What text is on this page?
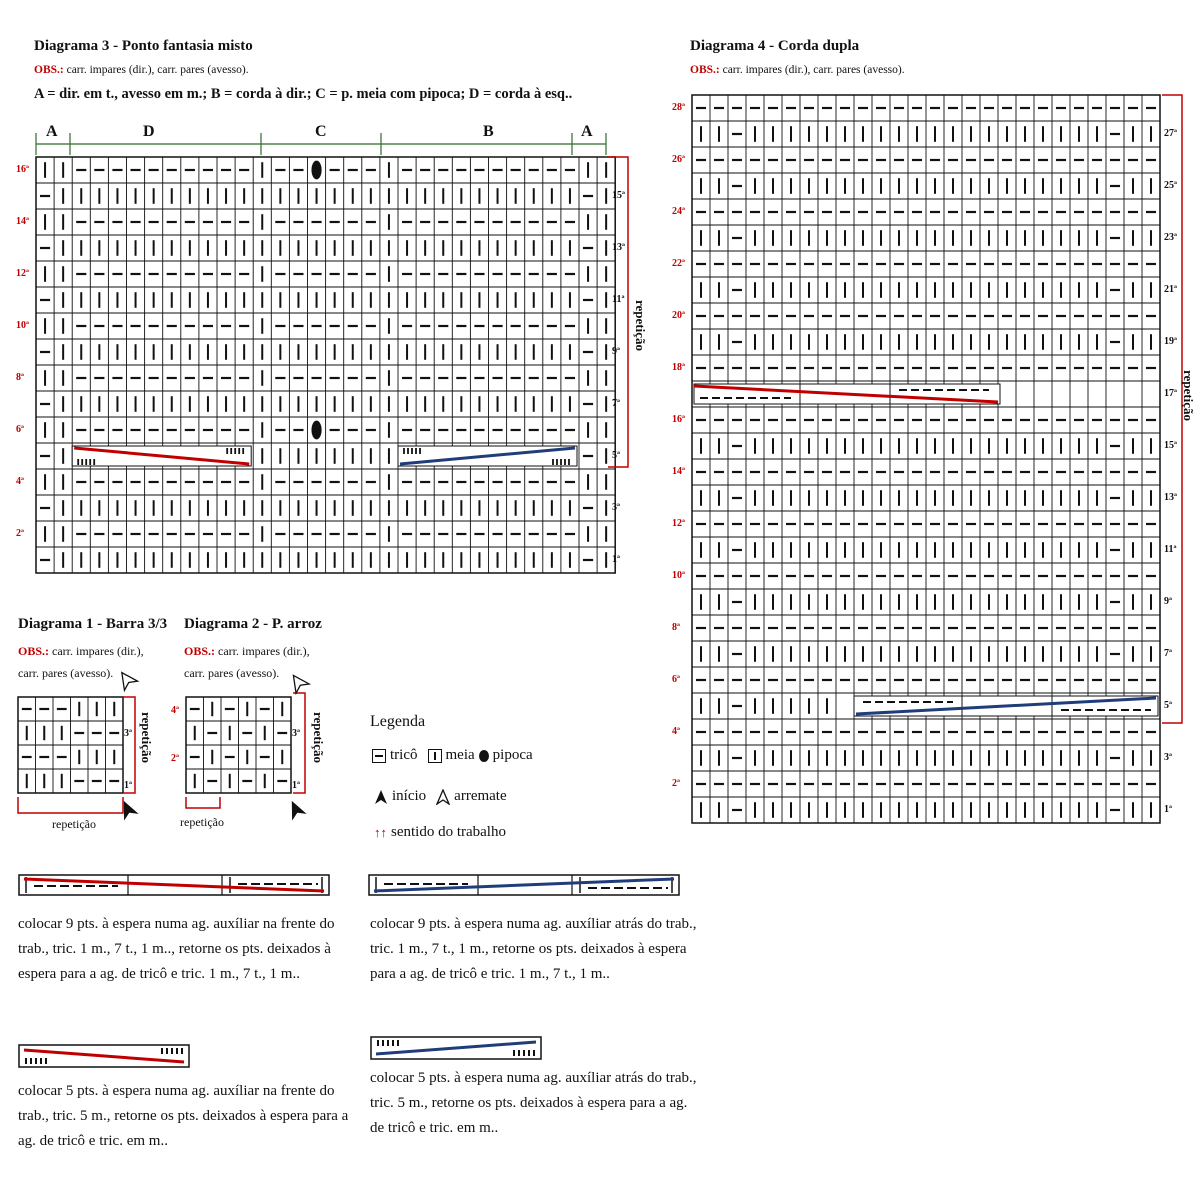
Diagrama 3 - Ponto fantasia misto
OBS.: carr. impares (dir.), carr. pares (avesso).
A = dir. em t., avesso em m.; B = corda à dir.; C = p. meia com pipoca; D = corda à esq..
A	D	C	B	A
repetição
Diagrama 4 - Corda dupla
OBS.: carr. impares (dir.), carr. pares (avesso).
repetição
Diagrama 1 - Barra 3/3
OBS.: carr. impares (dir.),
carr. pares (avesso).
repetição
repetição
Diagrama 2 - P. arroz
OBS.: carr. impares (dir.),
carr. pares (avesso).
repetição
repetição
Legenda
tricô meia pipoca
início arremate
↑↑ sentido do trabalho
colocar 9 pts. à espera numa ag. auxíliar na frente do trab., tric. 1 m., 7 t., 1 m.., retorne os pts. deixados à espera para a ag. de tricô e tric. 1 m., 7 t., 1 m..
colocar 9 pts. à espera numa ag. auxíliar atrás do trab., tric. 1 m., 7 t., 1 m., retorne os pts. deixados à espera para a ag. de tricô e tric. 1 m., 7 t., 1 m..
colocar 5 pts. à espera numa ag. auxíliar na frente do trab., tric. 5 m., retorne os pts. deixados à espera para a ag. de tricô e tric. em m..
colocar 5 pts. à espera numa ag. auxíliar atrás do trab., tric. 5 m., retorne os pts. deixados à espera para a ag. de tricô e tric. em m..
16ª
14ª
12ª
10ª
8ª
6ª
4ª
2ª
15ª
13ª
11ª
9ª
7ª
5ª
3ª
1ª
28ª
26ª
24ª
22ª
20ª
18ª
16ª
14ª
12ª
10ª
8ª
6ª
4ª
2ª
27ª
25ª
23ª
21ª
19ª
17ª
15ª
13ª
11ª
9ª
7ª
5ª
3ª
1ª
3ª
1ª
4ª
2ª
3ª
1ª
